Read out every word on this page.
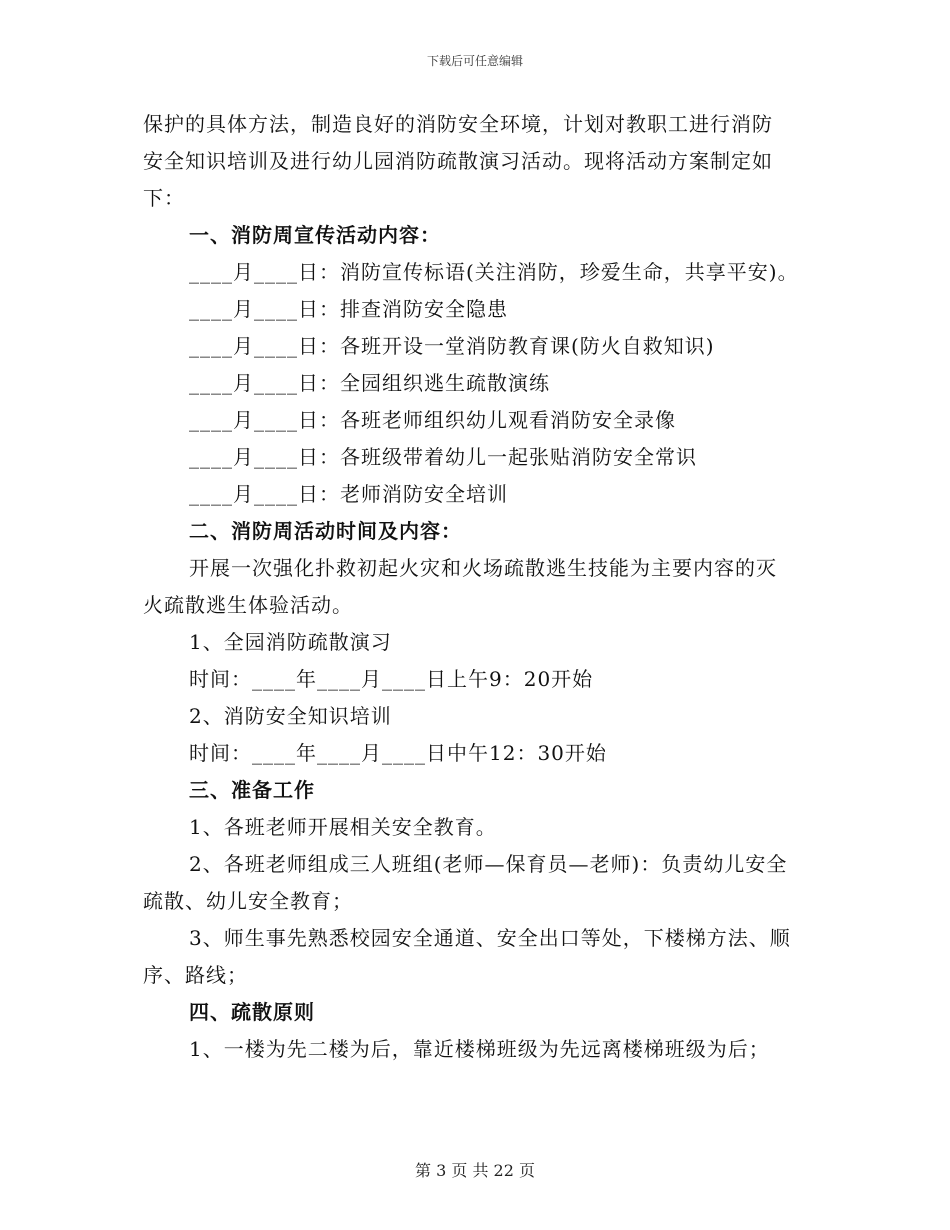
下载后可任意编辑
保护的具体方法，制造良好的消防安全环境，计划对教职工进行消防
安全知识培训及进行幼儿园消防疏散演习活动。现将活动方案制定如
下：
一、消防周宣传活动内容：
____月____日：消防宣传标语(关注消防，珍爱生命，共享平安)。
____月____日：排查消防安全隐患
____月____日：各班开设一堂消防教育课(防火自救知识)
____月____日：全园组织逃生疏散演练
____月____日：各班老师组织幼儿观看消防安全录像
____月____日：各班级带着幼儿一起张贴消防安全常识
____月____日：老师消防安全培训
二、消防周活动时间及内容：
开展一次强化扑救初起火灾和火场疏散逃生技能为主要内容的灭
火疏散逃生体验活动。
1、全园消防疏散演习
时间：____年____月____日上午9：20开始
2、消防安全知识培训
时间：____年____月____日中午12：30开始
三、准备工作
1、各班老师开展相关安全教育。
2、各班老师组成三人班组(老师—保育员—老师)：负责幼儿安全
疏散、幼儿安全教育；
3、师生事先熟悉校园安全通道、安全出口等处，下楼梯方法、顺
序、路线；
四、疏散原则
1、一楼为先二楼为后，靠近楼梯班级为先远离楼梯班级为后；
第 3 页 共 22 页
